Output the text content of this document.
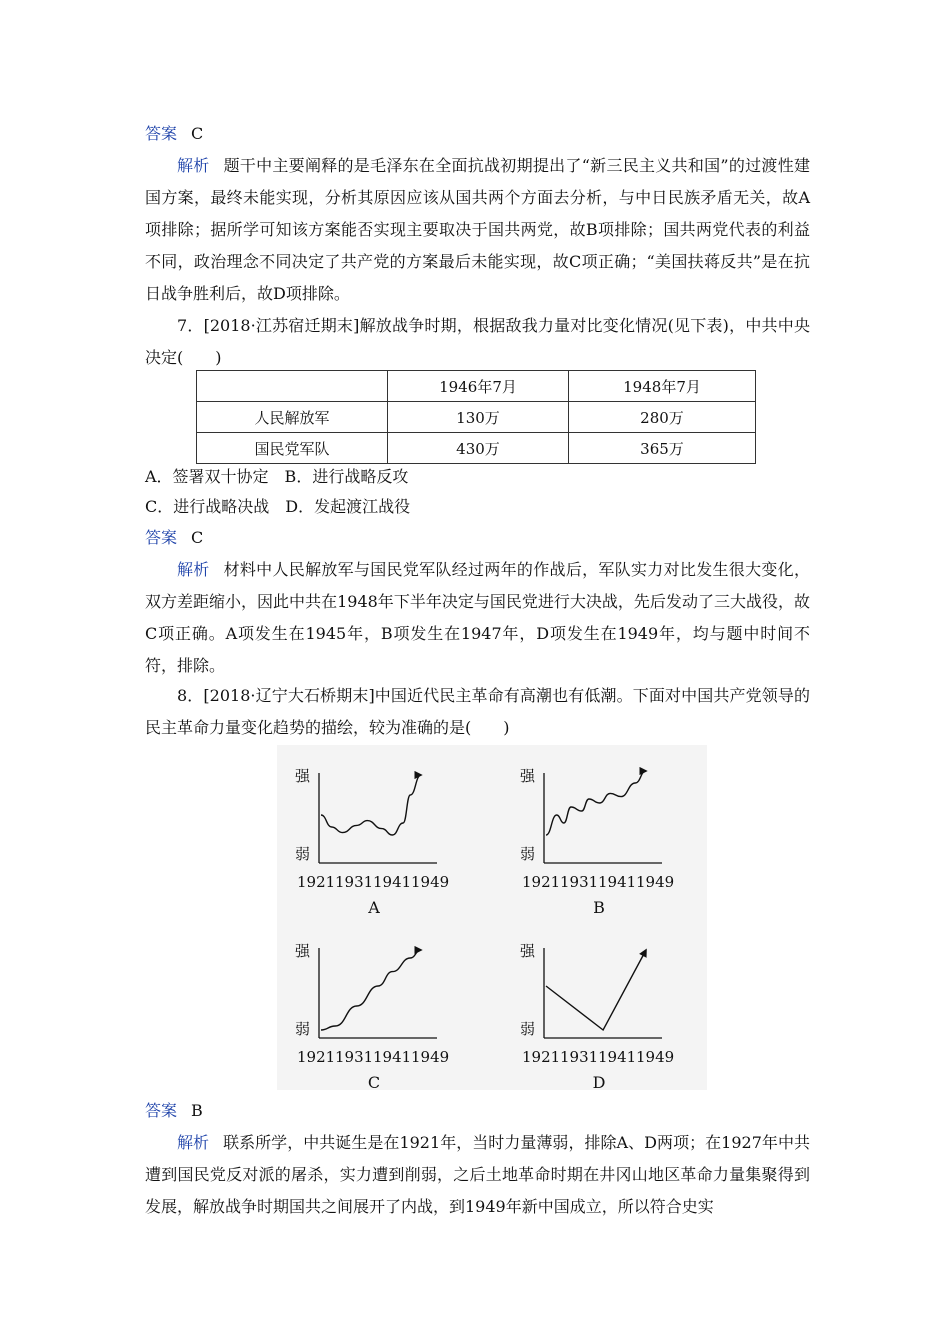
答案 C
解析 题干中主要阐释的是毛泽东在全面抗战初期提出了“新三民主义共和国”的过渡性建国方案，最终未能实现，分析其原因应该从国共两个方面去分析，与中日民族矛盾无关，故A项排除；据所学可知该方案能否实现主要取决于国共两党，故B项排除；国共两党代表的利益不同，政治理念不同决定了共产党的方案最后未能实现，故C项正确；“美国扶蒋反共”是在抗日战争胜利后，故D项排除。
7．[2018·江苏宿迁期末]解放战争时期，根据敌我力量对比变化情况(见下表)，中共中央决定(　　)
	1946年7月	1948年7月
人民解放军	130万	280万
国民党军队	430万	365万
A．签署双十协定　B．进行战略反攻
C．进行战略决战　D．发起渡江战役
答案 C
解析 材料中人民解放军与国民党军队经过两年的作战后，军队实力对比发生很大变化，双方差距缩小，因此中共在1948年下半年决定与国民党进行大决战，先后发动了三大战役，故C项正确。A项发生在1945年，B项发生在1947年，D项发生在1949年，均与题中时间不符，排除。
8．[2018·辽宁大石桥期末]中国近代民主革命有高潮也有低潮。下面对中国共产党领导的民主革命力量变化趋势的描绘，较为准确的是(　　)
强
弱
1921 1931 1941 1949
A
强
弱
1921 1931 1941 1949
B
强
弱
1921 1931 1941 1949
C
强
弱
1921 1931 1941 1949
D
答案 B
解析 联系所学，中共诞生是在1921年，当时力量薄弱，排除A、D两项；在1927年中共遭到国民党反对派的屠杀，实力遭到削弱，之后土地革命时期在井冈山地区革命力量集聚得到发展，解放战争时期国共之间展开了内战，到1949年新中国成立，所以符合史实
